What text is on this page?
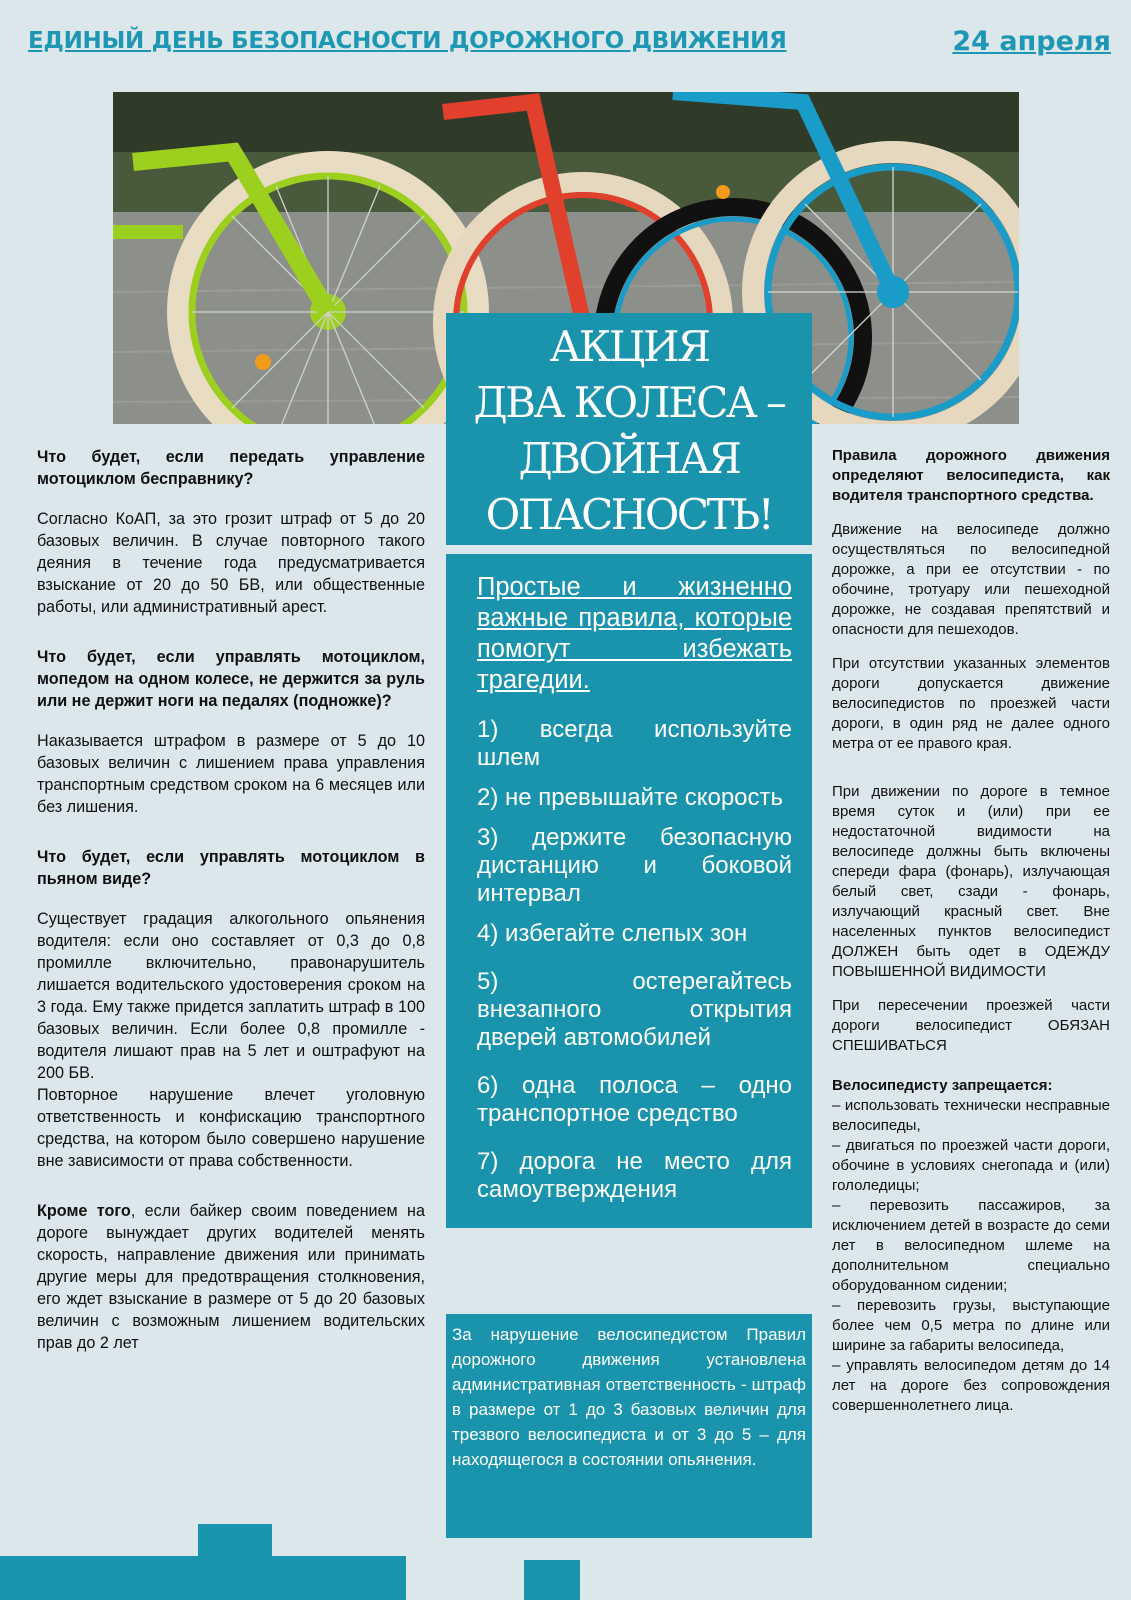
ЕДИНЫЙ ДЕНЬ БЕЗОПАСНОСТИ ДОРОЖНОГО ДВИЖЕНИЯ	24 апреля
АКЦИЯ
ДВА КОЛЕСА –
ДВОЙНАЯ
ОПАСНОСТЬ!

Что будет, если передать управление мотоциклом бесправнику?

Согласно КоАП, за это грозит штраф от 5 до 20 базовых величин. В случае повторного такого деяния в течение года предусматривается взыскание от 20 до 50 БВ, или общественные работы, или административный арест.

Что будет, если управлять мотоциклом, мопедом на одном колесе, не держится за руль или не держит ноги на педалях (подножке)?

Наказывается штрафом в размере от 5 до 10 базовых величин с лишением права управления транспортным средством сроком на 6 месяцев или без лишения.

Что будет, если управлять мотоциклом в пьяном виде?

Существует градация алкогольного опьянения водителя: если оно составляет от 0,3 до 0,8 промилле включительно, правонарушитель лишается водительского удостоверения сроком на 3 года. Ему также придется заплатить штраф в 100 базовых величин. Если более 0,8 промилле - водителя лишают прав на 5 лет и оштрафуют на 200 БВ.

Повторное нарушение влечет уголовную ответственность и конфискацию транспортного средства, на котором было совершено нарушение вне зависимости от права собственности.

Кроме того, если байкер своим поведением на дороге вынуждает других водителей менять скорость, направление движения или принимать другие меры для предотвращения столкновения, его ждет взыскание в размере от 5 до 20 базовых величин с возможным лишением водительских прав до 2 лет

Простые и жизненно важные правила, которые помогут избежать трагедии.

1) всегда используйте шлем

2) не превышайте скорость

3) держите безопасную дистанцию и боковой интервал

4) избегайте слепых зон

5) остерегайтесь внезапного открытия дверей автомобилей

6) одна полоса – одно транспортное средство

7) дорога не место для самоутверждения

За нарушение велосипедистом Правил дорожного движения установлена административная ответственность - штраф в размере от 1 до 3 базовых величин для трезвого велосипедиста и от 3 до 5 – для находящегося в состоянии опьянения.

Правила дорожного движения определяют велосипедиста, как водителя транспортного средства.

Движение на велосипеде должно осуществляться по велосипедной дорожке, а при ее отсутствии - по обочине, тротуару или пешеходной дорожке, не создавая препятствий и опасности для пешеходов.

При отсутствии указанных элементов дороги допускается движение велосипедистов по проезжей части дороги, в один ряд не далее одного метра от ее правого края.

При движении по дороге в темное время суток и (или) при ее недостаточной видимости на велосипеде должны быть включены спереди фара (фонарь), излучающая белый свет, сзади - фонарь, излучающий красный свет. Вне населенных пунктов велосипедист ДОЛЖЕН быть одет в ОДЕЖДУ ПОВЫШЕННОЙ ВИДИМОСТИ

При пересечении проезжей части дороги велосипедист ОБЯЗАН СПЕШИВАТЬСЯ

Велосипедисту запрещается:

– использовать технически несправные велосипеды,
– двигаться по проезжей части дороги, обочине в условиях снегопада и (или) гололедицы;
– перевозить пассажиров, за исключением детей в возрасте до семи лет в велосипедном шлеме на дополнительном специально оборудованном сидении;
– перевозить грузы, выступающие более чем 0,5 метра по длине или ширине за габариты велосипеда,
– управлять велосипедом детям до 14 лет на дороге без сопровождения совершеннолетнего лица.
